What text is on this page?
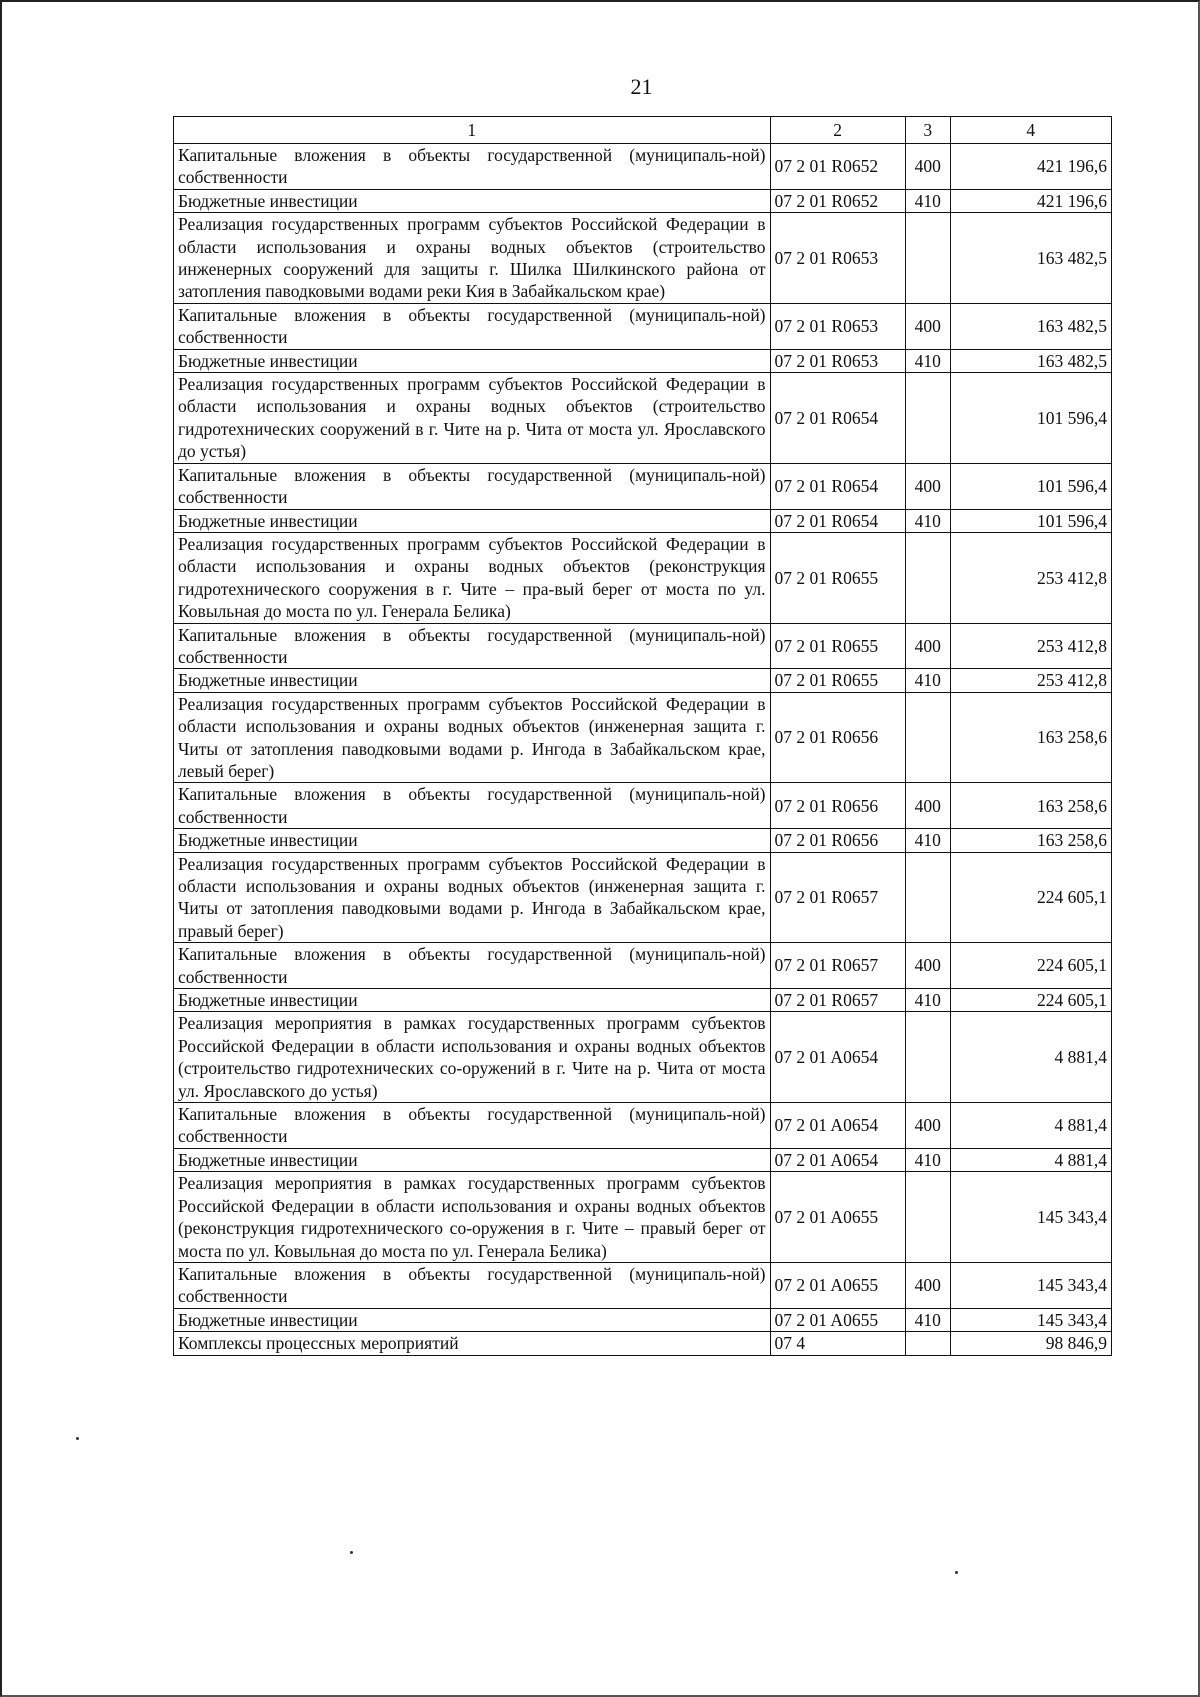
21
1	2	3	4
Капитальные вложения в объекты государственной (муниципаль-ной) собственности	07 2 01 R0652	400	421 196,6
Бюджетные инвестиции	07 2 01 R0652	410	421 196,6
Реализация государственных программ субъектов Российской Федерации в области использования и охраны водных объектов (строительство инженерных сооружений для защиты г. Шилка Шилкинского района от затопления паводковыми водами реки Кия в Забайкальском крае)	07 2 01 R0653		163 482,5
Капитальные вложения в объекты государственной (муниципаль-ной) собственности	07 2 01 R0653	400	163 482,5
Бюджетные инвестиции	07 2 01 R0653	410	163 482,5
Реализация государственных программ субъектов Российской Федерации в области использования и охраны водных объектов (строительство гидротехнических сооружений в г. Чите на р. Чита от моста ул. Ярославского до устья)	07 2 01 R0654		101 596,4
Капитальные вложения в объекты государственной (муниципаль-ной) собственности	07 2 01 R0654	400	101 596,4
Бюджетные инвестиции	07 2 01 R0654	410	101 596,4
Реализация государственных программ субъектов Российской Федерации в области использования и охраны водных объектов (реконструкция гидротехнического сооружения в г. Чите – пра-вый берег от моста по ул. Ковыльная до моста по ул. Генерала Белика)	07 2 01 R0655		253 412,8
Капитальные вложения в объекты государственной (муниципаль-ной) собственности	07 2 01 R0655	400	253 412,8
Бюджетные инвестиции	07 2 01 R0655	410	253 412,8
Реализация государственных программ субъектов Российской Федерации в области использования и охраны водных объектов (инженерная защита г. Читы от затопления паводковыми водами р. Ингода в Забайкальском крае, левый берег)	07 2 01 R0656		163 258,6
Капитальные вложения в объекты государственной (муниципаль-ной) собственности	07 2 01 R0656	400	163 258,6
Бюджетные инвестиции	07 2 01 R0656	410	163 258,6
Реализация государственных программ субъектов Российской Федерации в области использования и охраны водных объектов (инженерная защита г. Читы от затопления паводковыми водами р. Ингода в Забайкальском крае, правый берег)	07 2 01 R0657		224 605,1
Капитальные вложения в объекты государственной (муниципаль-ной) собственности	07 2 01 R0657	400	224 605,1
Бюджетные инвестиции	07 2 01 R0657	410	224 605,1
Реализация мероприятия в рамках государственных программ субъектов Российской Федерации в области использования и охраны водных объектов (строительство гидротехнических со-оружений в г. Чите на р. Чита от моста ул. Ярославского до устья)	07 2 01 A0654		4 881,4
Капитальные вложения в объекты государственной (муниципаль-ной) собственности	07 2 01 A0654	400	4 881,4
Бюджетные инвестиции	07 2 01 A0654	410	4 881,4
Реализация мероприятия в рамках государственных программ субъектов Российской Федерации в области использования и охраны водных объектов (реконструкция гидротехнического со-оружения в г. Чите – правый берег от моста по ул. Ковыльная до моста по ул. Генерала Белика)	07 2 01 A0655		145 343,4
Капитальные вложения в объекты государственной (муниципаль-ной) собственности	07 2 01 A0655	400	145 343,4
Бюджетные инвестиции	07 2 01 A0655	410	145 343,4
Комплексы процессных мероприятий	07 4		98 846,9
